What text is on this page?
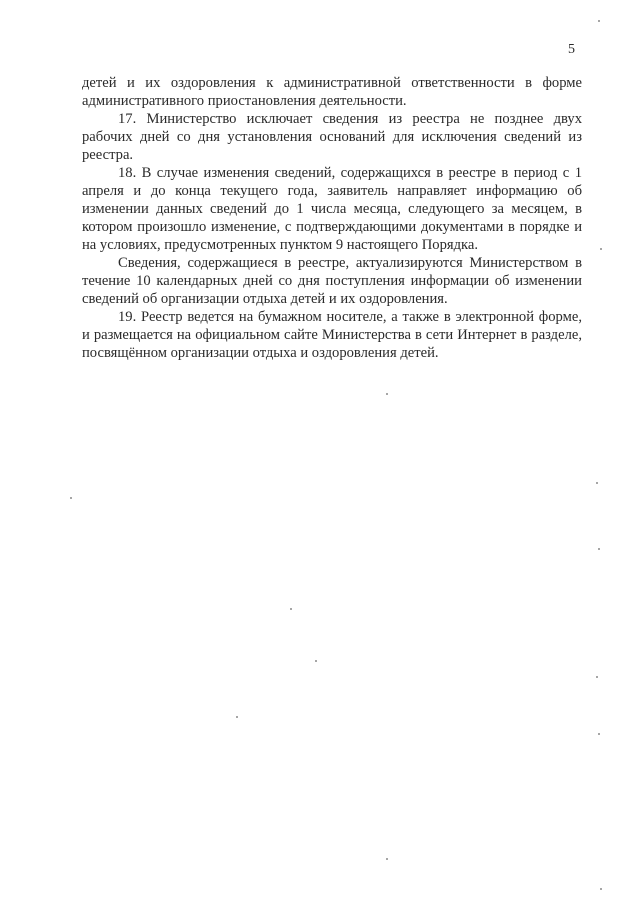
5

детей и их оздоровления к административной ответственности в форме административного приостановления деятельности.

17. Министерство исключает сведения из реестра не позднее двух рабочих дней со дня установления оснований для исключения сведений из реестра.

18. В случае изменения сведений, содержащихся в реестре в период с 1 апреля и до конца текущего года, заявитель направляет информацию об изменении данных сведений до 1 числа месяца, следующего за месяцем, в котором произошло изменение, с подтверждающими документами в порядке и на условиях, предусмотренных пунктом 9 настоящего Порядка.

Сведения, содержащиеся в реестре, актуализируются Министерством в течение 10 календарных дней со дня поступления информации об изменении сведений об организации отдыха детей и их оздоровления.

19. Реестр ведется на бумажном носителе, а также в электронной форме, и размещается на официальном сайте Министерства в сети Интернет в разделе, посвящённом организации отдыха и оздоровления детей.
